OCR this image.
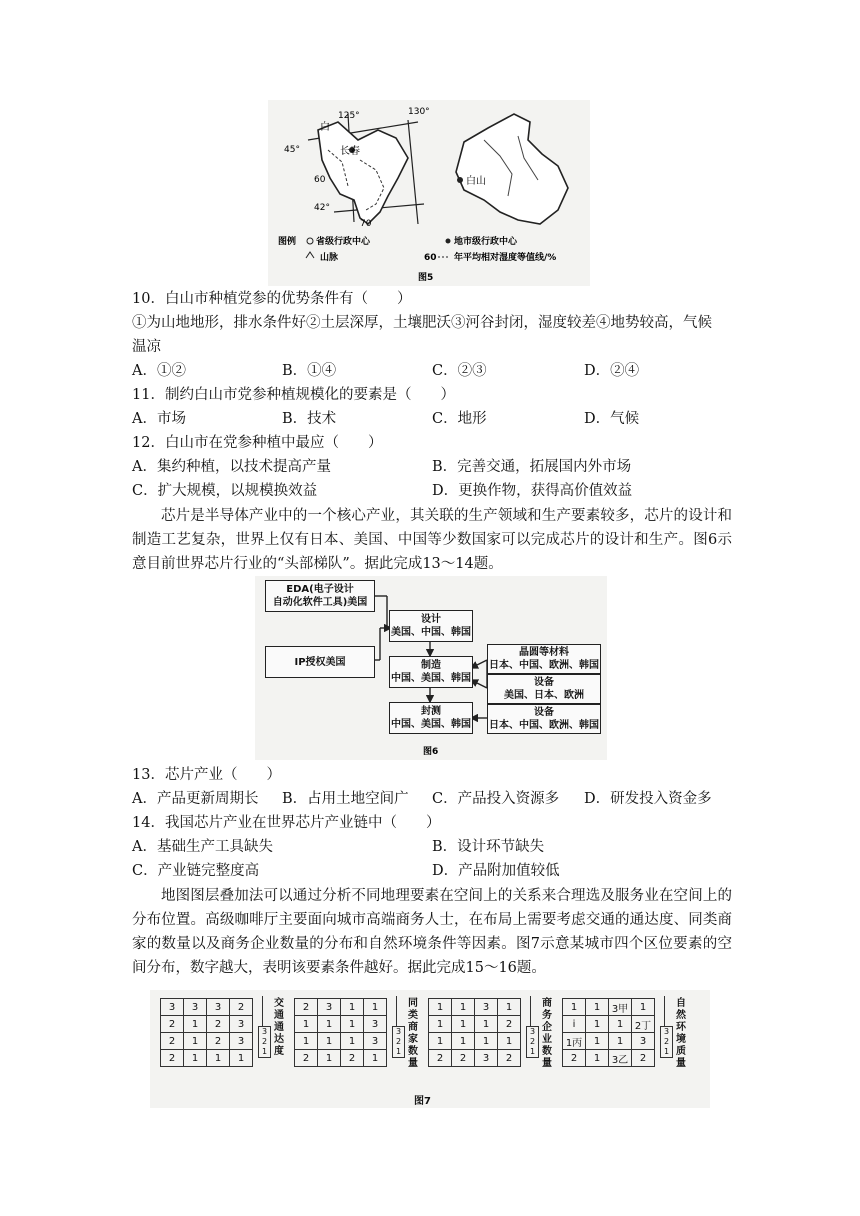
125°	130°
45°
42°
60
70
白
长春
白山
图例 省级行政中心	地市级行政中心
山脉	60 年平均相对湿度等值线/%
图5
10．白山市种植党参的优势条件有（　　）
①为山地地形，排水条件好②土层深厚，土壤肥沃③河谷封闭，湿度较差④地势较高，气候
温凉
A．①②	B．①④	C．②③	D．②④
11．制约白山市党参种植规模化的要素是（　　）
A．市场	B．技术	C．地形	D．气候
12．白山市在党参种植中最应（　　）
A．集约种植，以技术提高产量	B．完善交通，拓展国内外市场
C．扩大规模，以规模换效益	D．更换作物，获得高价值效益
芯片是半导体产业中的一个核心产业，其关联的生产领域和生产要素较多，芯片的设计和制造工艺复杂，世界上仅有日本、美国、中国等少数国家可以完成芯片的设计和生产。图6示意目前世界芯片行业的“头部梯队”。据此完成13～14题。
图6
EDA(电子设计
自动化软件工具)美国
IP授权美国
设计
美国、中国、韩国
制造
中国、美国、韩国
封测
中国、美国、韩国
晶圆等材料
日本、中国、欧洲、韩国
设备
美国、日本、欧洲
设备
日本、中国、欧洲、韩国
13．芯片产业（　　）
A．产品更新周期长 B．占用土地空间广 C．产品投入资源多 D．研发投入资金多
14．我国芯片产业在世界芯片产业链中（　　）
A．基础生产工具缺失	B．设计环节缺失
C．产业链完整度高	D．产品附加值较低
地图图层叠加法可以通过分析不同地理要素在空间上的关系来合理选及服务业在空间上的分布位置。高级咖啡厅主要面向城市高端商务人士，在布局上需要考虑交通的通达度、同类商家的数量以及商务企业数量的分布和自然环境条件等因素。图7示意某城市四个区位要素的空间分布，数字越大，表明该要素条件越好。据此完成15～16题。
3	3	3	2
2	1	2	3
2	1	2	3
2	1	1	1
3
2
1
交通通达度
2	3	1	1
1	1	1	3
1	1	1	3
2	1	2	1
3
2
1
同类商家数量
1	1	3	1
1	1	1	2
1	1	1	1
2	2	3	2
3
2
1
商务企业数量
1	1	3甲	1
i	1	1	2丁
1丙	1	1	3
2	1	3乙	2
3
2
1
自然环境质量
图7
